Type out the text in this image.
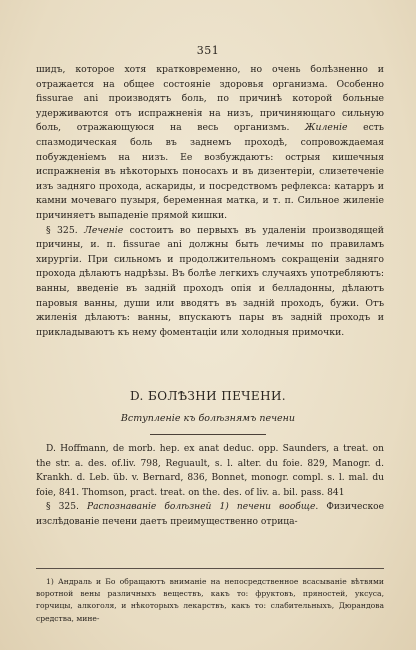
351

шидъ, которое хотя кратковременно, но очень болѣзненно и отражается на общее состояніе здоровья организма. Особенно fissurae ani производятъ боль, по причинѣ которой больные удерживаются отъ испражненія на низъ, причиняющаго сильную боль, отражающуюся на весь организмъ. Жиленіе есть спазмодическая боль въ заднемъ проходѣ, сопровождаемая побужденіемъ на низъ. Ее возбуждаютъ: острыя кишечныя испражненія въ нѣкоторыхъ поносахъ и въ дизентеріи, слизетеченіе изъ задняго прохода, аскариды, и посредствомъ рефлекса: катарръ и камни мочеваго пузыря, беременная матка, и т. п. Сильное жиленіе причиняетъ выпаденіе прямой кишки.

§ 325. Леченіе состоитъ во первыхъ въ удаленіи производящей причины, и. п. fissurae ani должны быть лечимы по правиламъ хирургіи. При сильномъ и продолжительномъ сокращеніи задняго прохода дѣлаютъ надрѣзы. Въ болѣе легкихъ случаяхъ употребляютъ: ванны, введеніе въ задній проходъ опія и белладонны, дѣлаютъ паровыя ванны, души или вводятъ въ задній проходъ, бужи. Отъ жиленія дѣлаютъ: ванны, впускаютъ пары въ задній проходъ и прикладываютъ къ нему фоментаціи или холодныя примочки.

D. БОЛѢЗНИ ПЕЧЕНИ.
Вступленіе къ болѣзнямъ печени

D. Hoffmann, de morb. hep. ex anat deduc. opp. Saunders, a treat. on the str. a. des. of.liv. 798, Reguault, s. l. alter. du foie. 829, Manogr. d. Krankh. d. Leb. üb. v. Bernard, 836, Bonnet, monogr. compl. s. l. mal. du foie, 841. Thomson, pract. treat. on the. des. of liv. a. bil. pass. 841

§ 325. Распознаваніе болѣзней 1) печени вообще. Физическое изслѣдованіе печени даетъ преимущественно отрица-

1) Андраль и Бо обращаютъ вниманіе на непосредственное всасываніе вѣтвями воротной вены различныхъ веществъ, какъ то: фруктовъ, пряностей, уксуса, горчицы, алкоголя, и нѣкоторыхъ лекарствъ, какъ то: слабительныхъ, Дюрандова средства, мине-
